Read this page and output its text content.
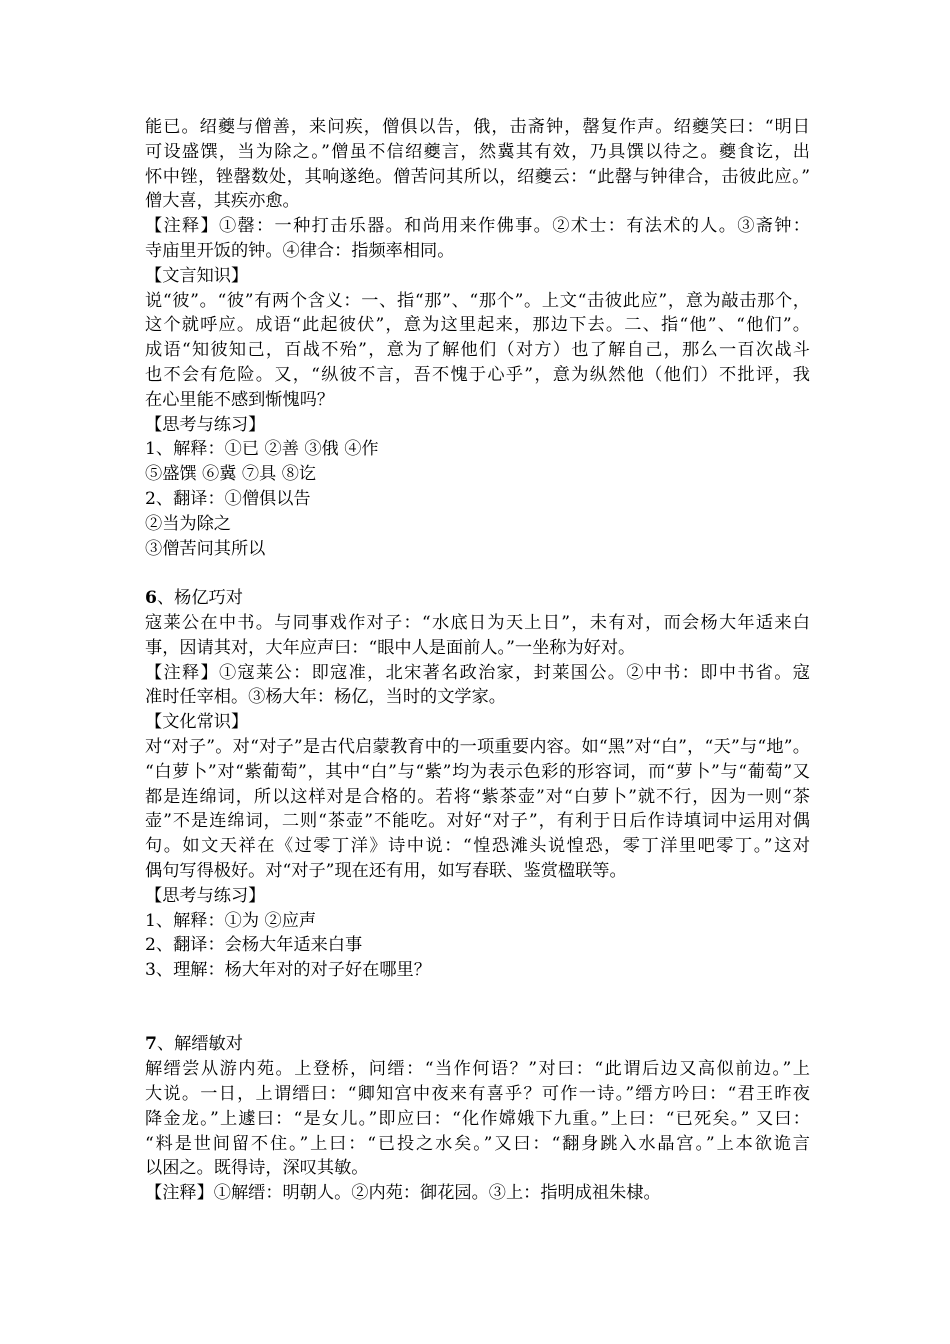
能已。绍夔与僧善，来问疾，僧俱以告，俄，击斋钟，罄复作声。绍夔笑曰：“明日
可设盛馔，当为除之。”僧虽不信绍夔言，然冀其有效，乃具馔以待之。夔食讫，出
怀中锉，锉罄数处，其响遂绝。僧苦问其所以，绍夔云：“此罄与钟律合，击彼此应。”
僧大喜，其疾亦愈。
【注释】①罄：一种打击乐器。和尚用来作佛事。②术士：有法术的人。③斋钟：
寺庙里开饭的钟。④律合：指频率相同。
【文言知识】
说“彼”。“彼”有两个含义：一、指“那”、“那个”。上文“击彼此应”，意为敲击那个，
这个就呼应。成语“此起彼伏”，意为这里起来，那边下去。二、指“他”、“他们”。
成语“知彼知己，百战不殆”，意为了解他们（对方）也了解自己，那么一百次战斗
也不会有危险。又，“纵彼不言，吾不愧于心乎”，意为纵然他（他们）不批评，我
在心里能不感到惭愧吗？
【思考与练习】
1、解释：①已 ②善 ③俄 ④作
⑤盛馔 ⑥冀 ⑦具 ⑧讫
2、翻译：①僧俱以告
②当为除之
③僧苦问其所以
6、杨亿巧对
寇莱公在中书。与同事戏作对子：“水底日为天上日”，未有对，而会杨大年适来白
事，因请其对，大年应声曰：“眼中人是面前人。”一坐称为好对。
【注释】①寇莱公：即寇准，北宋著名政治家，封莱国公。②中书：即中书省。寇
准时任宰相。③杨大年：杨亿，当时的文学家。
【文化常识】
对“对子”。对“对子”是古代启蒙教育中的一项重要内容。如“黑”对“白”，“天”与“地”。
“白萝卜”对“紫葡萄”，其中“白”与“紫”均为表示色彩的形容词，而“萝卜”与“葡萄”又
都是连绵词，所以这样对是合格的。若将“紫茶壶”对“白萝卜”就不行，因为一则“茶
壶”不是连绵词，二则“茶壶”不能吃。对好“对子”，有利于日后作诗填词中运用对偶
句。如文天祥在《过零丁洋》诗中说：“惶恐滩头说惶恐，零丁洋里吧零丁。”这对
偶句写得极好。对“对子”现在还有用，如写春联、鉴赏楹联等。
【思考与练习】
1、解释：①为 ②应声
2、翻译：会杨大年适来白事
3、理解：杨大年对的对子好在哪里？
7、解缙敏对
解缙尝从游内苑。上登桥，问缙：“当作何语？”对曰：“此谓后边又高似前边。”上
大说。一日，上谓缙曰：“卿知宫中夜来有喜乎？可作一诗。”缙方吟曰：“君王昨夜
降金龙。”上遽曰：“是女儿。”即应曰：“化作嫦娥下九重。”上曰：“已死矣。” 又曰：
“料是世间留不住。”上曰：“已投之水矣。”又曰：“翻身跳入水晶宫。”上本欲诡言
以困之。既得诗，深叹其敏。
【注释】①解缙：明朝人。②内苑：御花园。③上：指明成祖朱棣。
